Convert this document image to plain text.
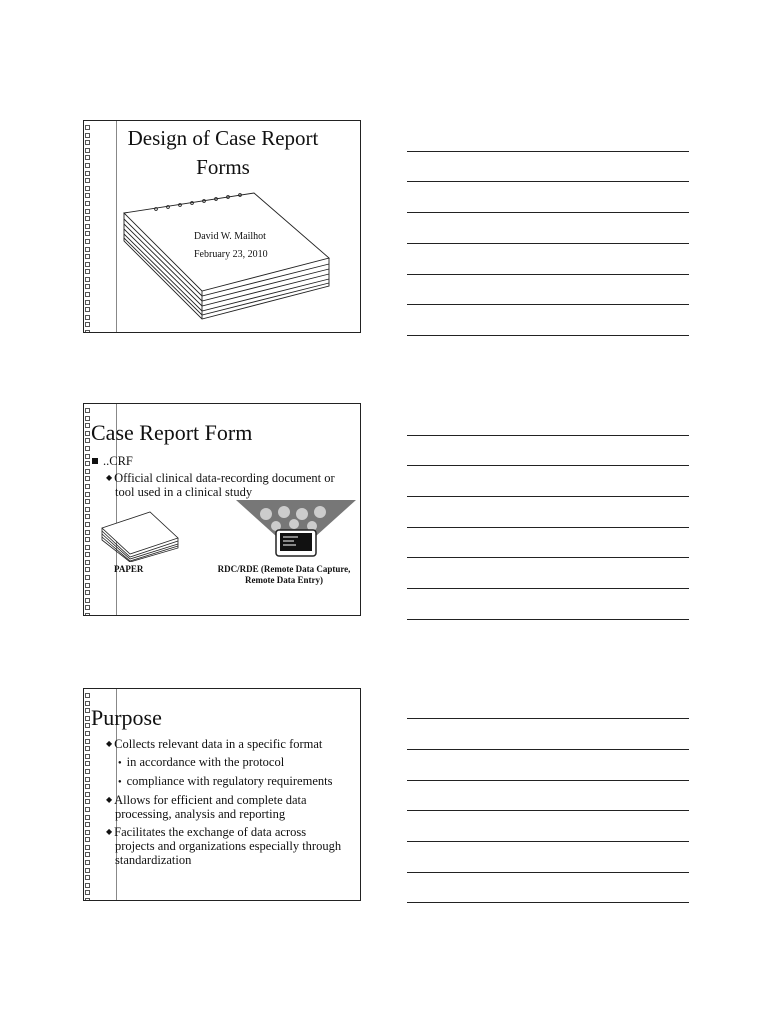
Design of Case Report
Forms
David W. Mailhot
February 23, 2010
Case Report Form
..CRF
◆ Official clinical data-recording document or
tool used in a clinical study
PAPER	RDC/RDE (Remote Data Capture,
Remote Data Entry)
Purpose
◆ Collects relevant data in a specific format
● in accordance with the protocol
● compliance with regulatory requirements
◆ Allows for efficient and complete data
processing, analysis and reporting
◆ Facilitates the exchange of data across
projects and organizations especially through
standardization
